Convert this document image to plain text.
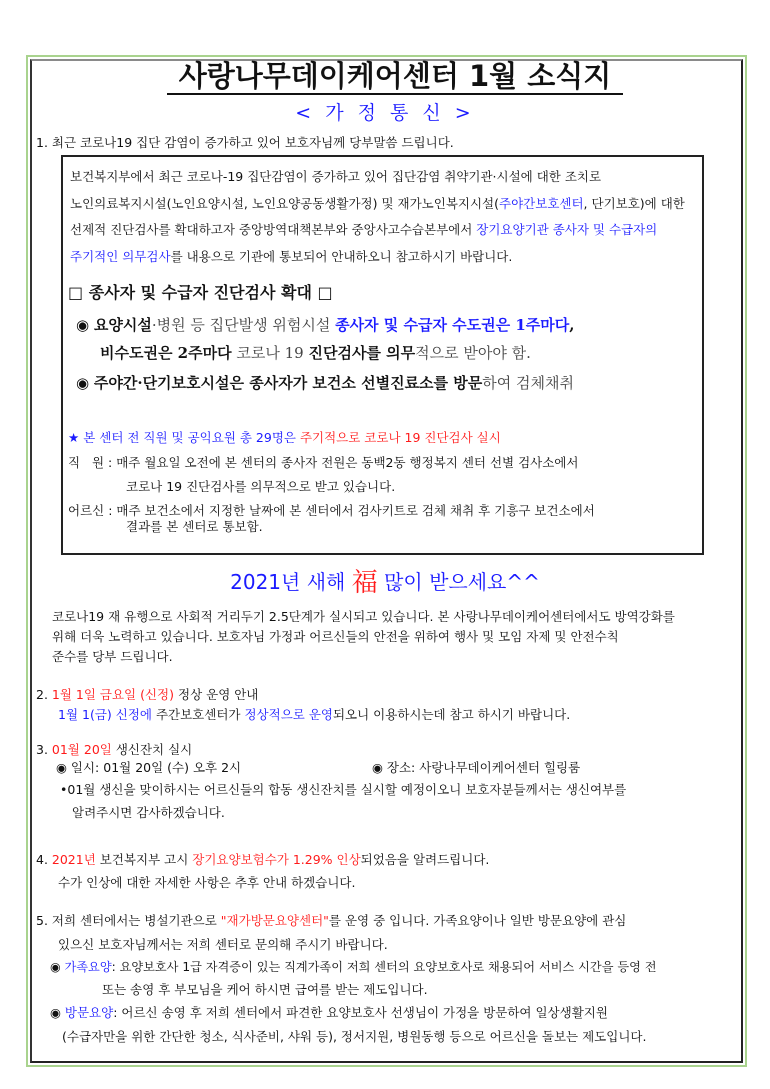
사랑나무데이케어센터 1월 소식지
< 가 정 통 신 >
1. 최근 코로나19 집단 감염이 증가하고 있어 보호자님께 당부말씀 드립니다.
보건복지부에서 최근 코로나-19 집단감염이 증가하고 있어 집단감염 취약기관·시설에 대한 조치로
노인의료복지시설(노인요양시설, 노인요양공동생활가정) 및 재가노인복지시설(주야간보호센터, 단기보호)에 대한
선제적 진단검사를 확대하고자 중앙방역대책본부와 중앙사고수습본부에서 장기요양기관 종사자 및 수급자의
주기적인 의무검사를 내용으로 기관에 통보되어 안내하오니 참고하시기 바랍니다.
□ 종사자 및 수급자 진단검사 확대 □
◉ 요양시설·병원 등 집단발생 위험시설 종사자 및 수급자 수도권은 1주마다,
비수도권은 2주마다 코로나 19 진단검사를 의무적으로 받아야 함.
◉ 주야간·단기보호시설은 종사자가 보건소 선별진료소를 방문하여 검체채취
★ 본 센터 전 직원 및 공익요원 총 29명은 주기적으로 코로나 19 진단검사 실시
직   원 : 매주 월요일 오전에 본 센터의 종사자 전원은 동백2동 행정복지 센터 선별 검사소에서
코로나 19 진단검사를 의무적으로 받고 있습니다.
어르신 : 매주 보건소에서 지정한 날짜에 본 센터에서 검사키트로 검체 채취 후 기흥구 보건소에서
결과를 본 센터로 통보함.
2021년 새해 福 많이 받으세요^^
코로나19 재 유행으로 사회적 거리두기 2.5단계가 실시되고 있습니다. 본 사랑나무데이케어센터에서도 방역강화를
위해 더욱 노력하고 있습니다. 보호자님 가정과 어르신들의 안전을 위하여 행사 및 모임 자제 및 안전수칙
준수를 당부 드립니다.
2. 1월 1일 금요일 (신정) 정상 운영 안내
1월 1(금) 신정에 주간보호센터가 정상적으로 운영되오니 이용하시는데 참고 하시기 바랍니다.
3. 01월 20일 생신잔치 실시
◉ 일시: 01월 20일 (수) 오후 2시	◉ 장소: 사랑나무데이케어센터 힐링룸
•01월 생신을 맞이하시는 어르신들의 합동 생신잔치를 실시할 예정이오니 보호자분들께서는 생신여부를
알려주시면 감사하겠습니다.
4. 2021년 보건복지부 고시 장기요양보험수가 1.29% 인상되었음을 알려드립니다.
수가 인상에 대한 자세한 사항은 추후 안내 하겠습니다.
5. 저희 센터에서는 병설기관으로 "재가방문요양센터"를 운영 중 입니다. 가족요양이나 일반 방문요양에 관심
있으신 보호자님께서는 저희 센터로 문의해 주시기 바랍니다.
◉ 가족요양: 요양보호사 1급 자격증이 있는 직계가족이 저희 센터의 요양보호사로 채용되어 서비스 시간을 등영 전
또는 송영 후 부모님을 케어 하시면 급여를 받는 제도입니다.
◉ 방문요양: 어르신 송영 후 저희 센터에서 파견한 요양보호사 선생님이 가정을 방문하여 일상생활지원
(수급자만을 위한 간단한 청소, 식사준비, 샤워 등), 정서지원, 병원동행 등으로 어르신을 돌보는 제도입니다.
